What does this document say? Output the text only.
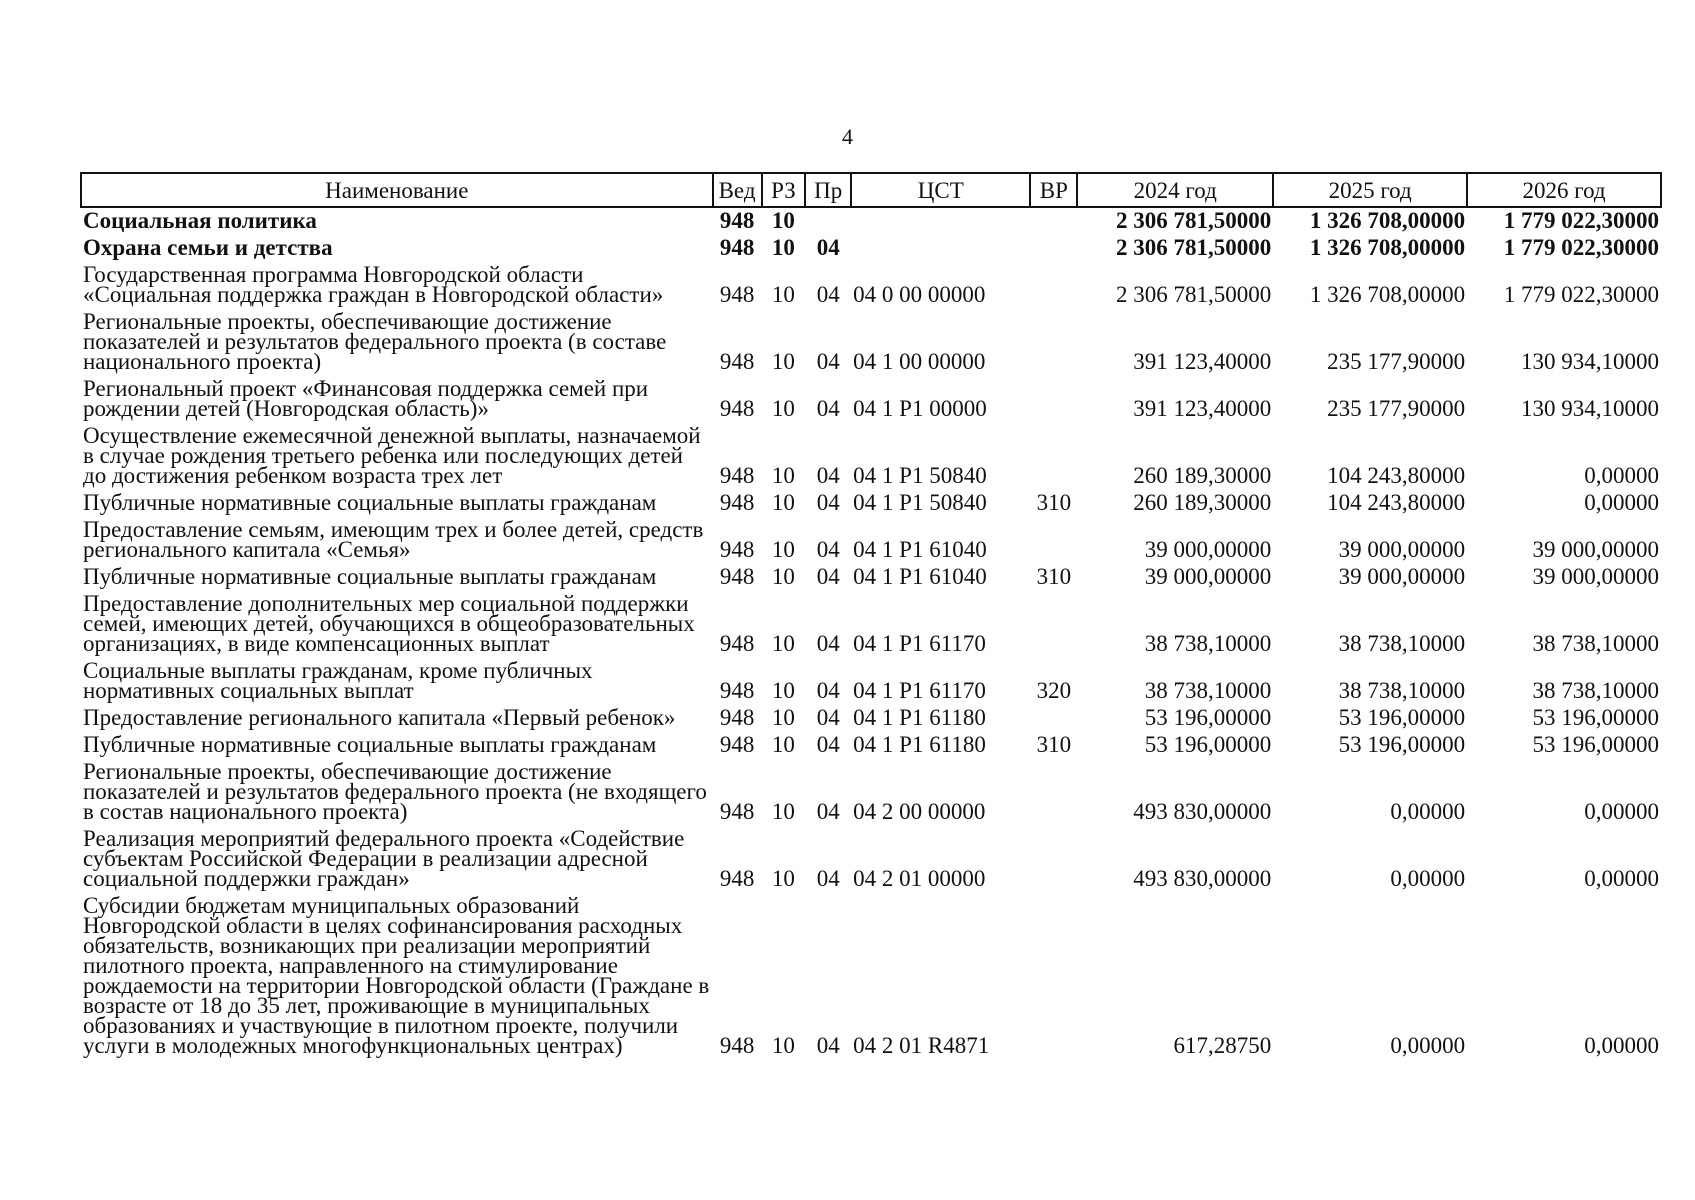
4
Наименование	Вед	РЗ	Пр	ЦСТ	ВР	2024 год	2025 год	2026 год
Социальная политика	948	10				2 306 781,50000	1 326 708,00000	1 779 022,30000
Охрана семьи и детства	948	10	04			2 306 781,50000	1 326 708,00000	1 779 022,30000
Государственная программа Новгородской области «Социальная поддержка граждан в Новгородской области»	948	10	04	04 0 00 00000		2 306 781,50000	1 326 708,00000	1 779 022,30000
Региональные проекты, обеспечивающие достижение показателей и результатов федерального проекта (в составе национального проекта)	948	10	04	04 1 00 00000		391 123,40000	235 177,90000	130 934,10000
Региональный проект «Финансовая поддержка семей при рождении детей (Новгородская область)»	948	10	04	04 1 P1 00000		391 123,40000	235 177,90000	130 934,10000
Осуществление ежемесячной денежной выплаты, назначаемой в случае рождения третьего ребенка или последующих детей до достижения ребенком возраста трех лет	948	10	04	04 1 P1 50840		260 189,30000	104 243,80000	0,00000
Публичные нормативные социальные выплаты гражданам	948	10	04	04 1 P1 50840	310	260 189,30000	104 243,80000	0,00000
Предоставление семьям, имеющим трех и более детей, средств регионального капитала «Семья»	948	10	04	04 1 P1 61040		39 000,00000	39 000,00000	39 000,00000
Публичные нормативные социальные выплаты гражданам	948	10	04	04 1 P1 61040	310	39 000,00000	39 000,00000	39 000,00000
Предоставление дополнительных мер социальной поддержки семей, имеющих детей, обучающихся в общеобразовательных организациях, в виде компенсационных выплат	948	10	04	04 1 P1 61170		38 738,10000	38 738,10000	38 738,10000
Социальные выплаты гражданам, кроме публичных нормативных социальных выплат	948	10	04	04 1 P1 61170	320	38 738,10000	38 738,10000	38 738,10000
Предоставление регионального капитала «Первый ребенок»	948	10	04	04 1 P1 61180		53 196,00000	53 196,00000	53 196,00000
Публичные нормативные социальные выплаты гражданам	948	10	04	04 1 P1 61180	310	53 196,00000	53 196,00000	53 196,00000
Региональные проекты, обеспечивающие достижение показателей и результатов федерального проекта (не входящего в состав национального проекта)	948	10	04	04 2 00 00000		493 830,00000	0,00000	0,00000
Реализация мероприятий федерального проекта «Содействие субъектам Российской Федерации в реализации адресной социальной поддержки граждан»	948	10	04	04 2 01 00000		493 830,00000	0,00000	0,00000
Субсидии бюджетам муниципальных образований Новгородской области в целях софинансирования расходных обязательств, возникающих при реализации мероприятий пилотного проекта, направленного на стимулирование рождаемости на территории Новгородской области (Граждане в возрасте от 18 до 35 лет, проживающие в муниципальных образованиях и участвующие в пилотном проекте, получили услуги в молодежных многофункциональных центрах)	948	10	04	04 2 01 R4871		617,28750	0,00000	0,00000
